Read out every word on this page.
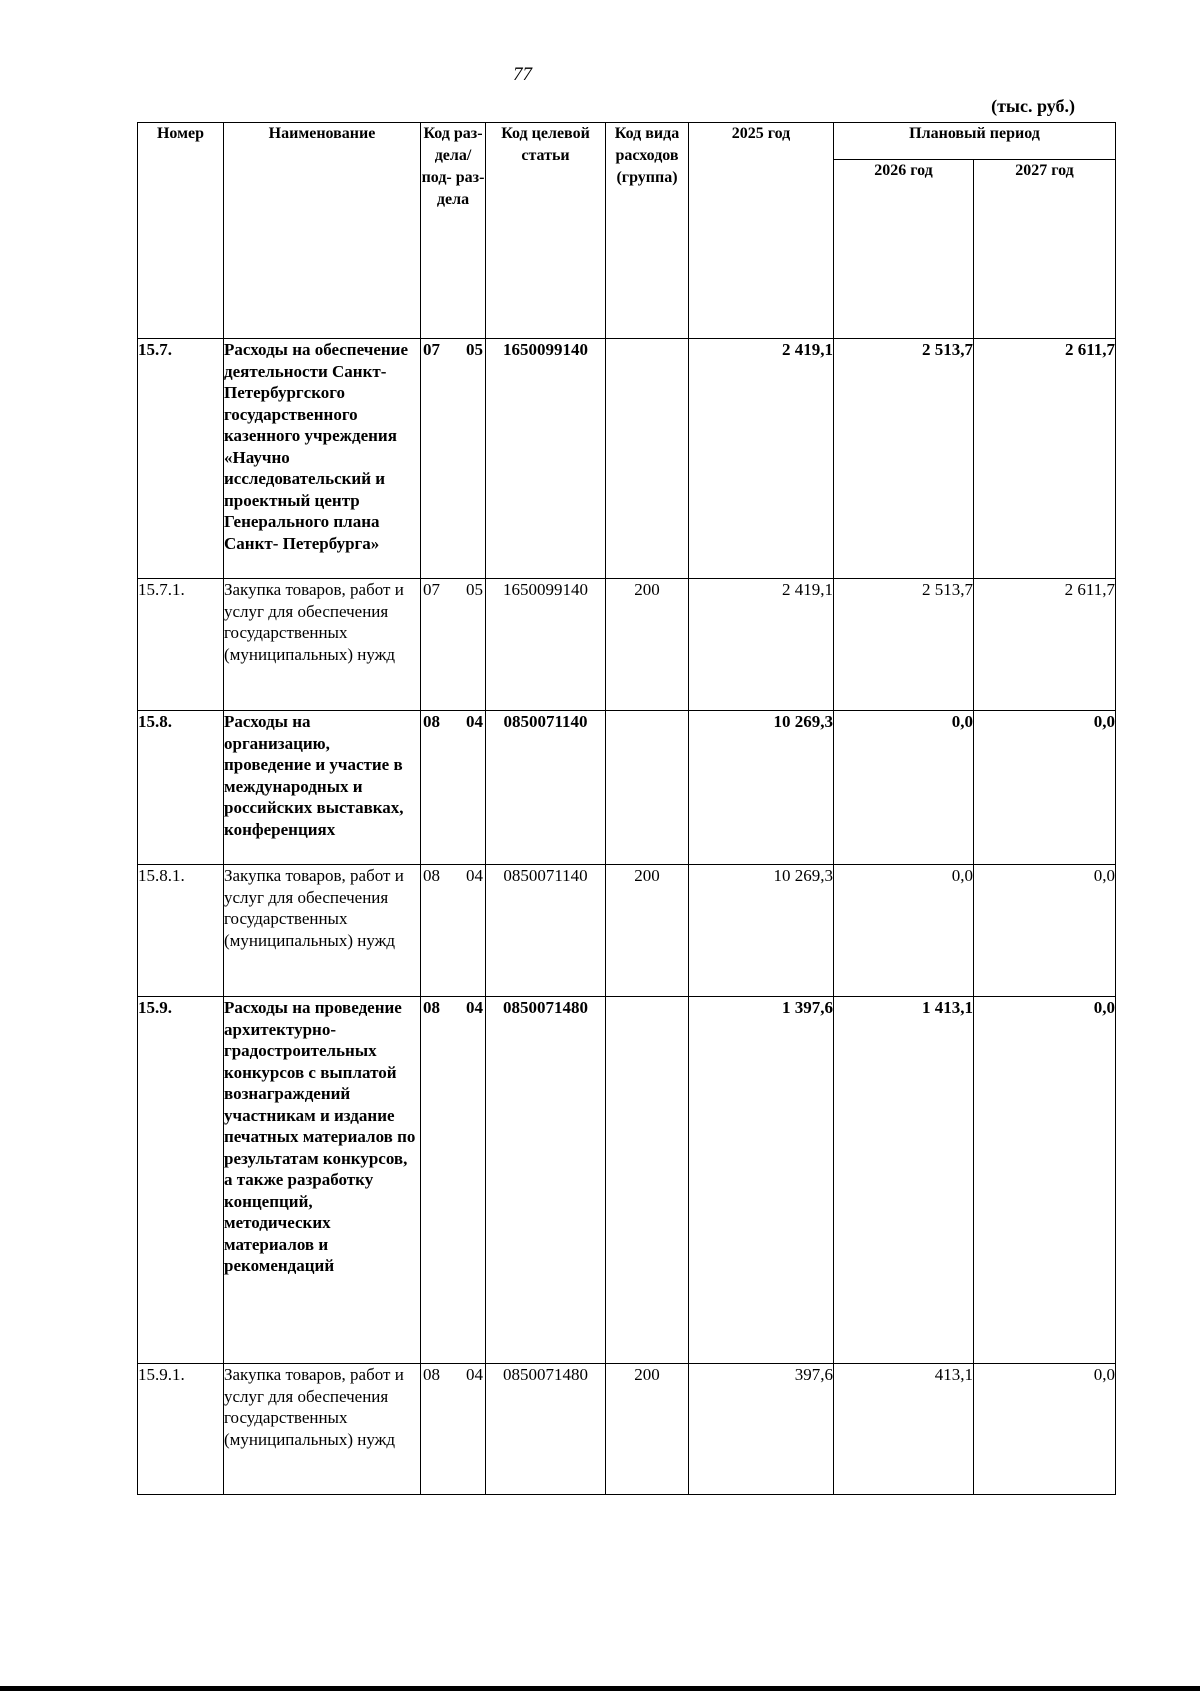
77
(тыс. руб.)
Номер	Наименование	Код раз- дела/ под- раз- дела	Код целевой статьи	Код вида расходов (группа)	2025 год	Плановый период	
						2026 год	2027 год
15.7.	Расходы на обеспечение деятельности Санкт-Петербургского государственного казенного учреждения «Научно исследовательский и проектный центр Генерального плана Санкт- Петербурга»	07 05	1650099140		2 419,1	2 513,7	2 611,7
15.7.1.	Закупка товаров, работ и услуг для обеспечения государственных (муниципальных) нужд	07 05	1650099140	200	2 419,1	2 513,7	2 611,7
15.8.	Расходы на организацию, проведение и участие в международных и российских выставках, конференциях	08 04	0850071140		10 269,3	0,0	0,0
15.8.1.	Закупка товаров, работ и услуг для обеспечения государственных (муниципальных) нужд	08 04	0850071140	200	10 269,3	0,0	0,0
15.9.	Расходы на проведение архитектурно-градостроительных конкурсов с выплатой вознаграждений участникам и издание печатных материалов по результатам конкурсов, а также разработку концепций, методических материалов и рекомендаций	08 04	0850071480		1 397,6	1 413,1	0,0
15.9.1.	Закупка товаров, работ и услуг для обеспечения государственных (муниципальных) нужд	08 04	0850071480	200	397,6	413,1	0,0
